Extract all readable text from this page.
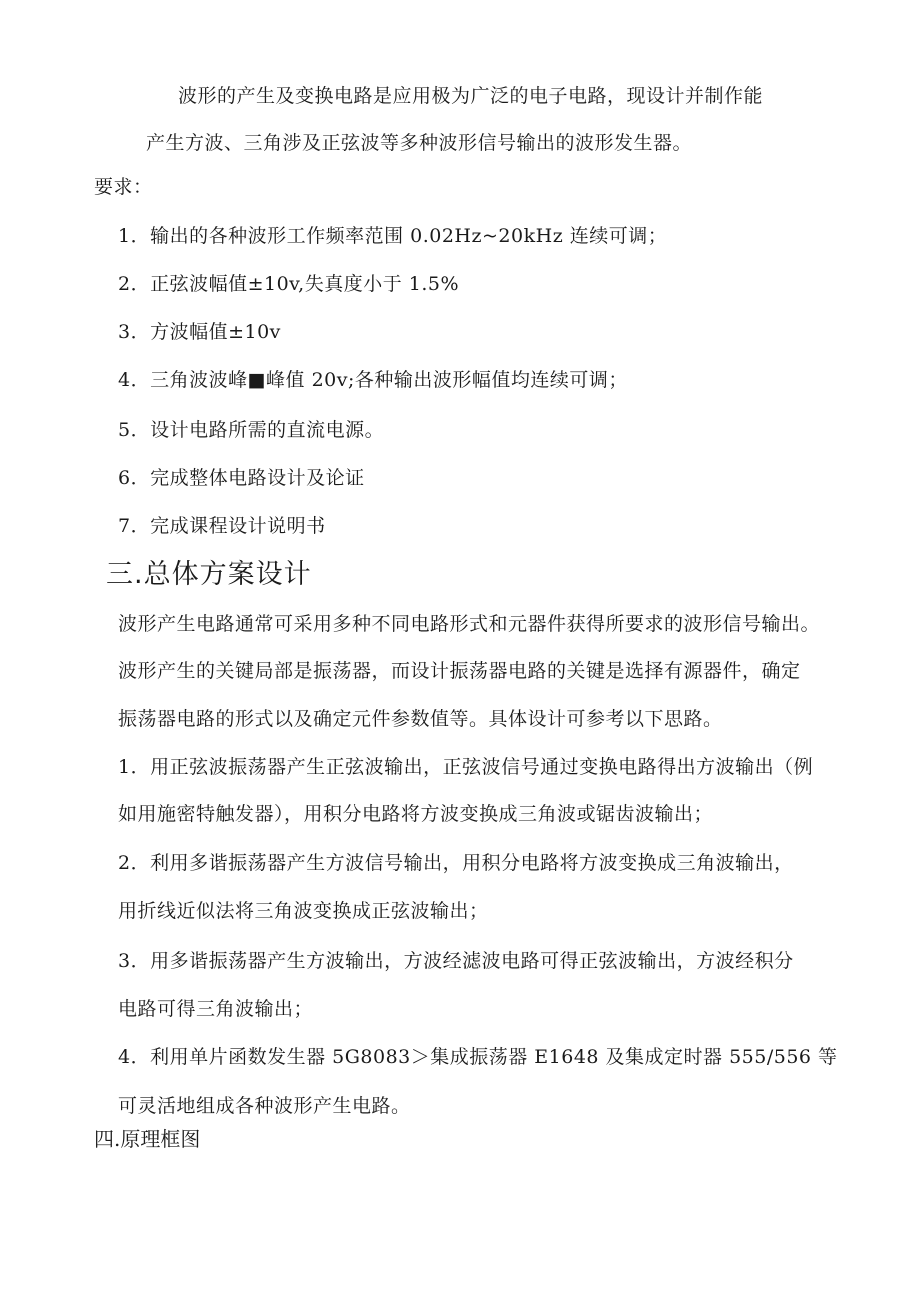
波形的产生及变换电路是应用极为广泛的电子电路，现设计并制作能
产生方波、三角涉及正弦波等多种波形信号输出的波形发生器。
要求：
1．输出的各种波形工作频率范围 0.02Hz~20kHz 连续可调；
2．正弦波幅值±10v,失真度小于 1.5%
3．方波幅值±10v
4．三角波波峰■峰值 20v;各种输出波形幅值均连续可调；
5．设计电路所需的直流电源。
6．完成整体电路设计及论证
7．完成课程设计说明书
三.总体方案设计
波形产生电路通常可采用多种不同电路形式和元器件获得所要求的波形信号输出。
波形产生的关键局部是振荡器，而设计振荡器电路的关键是选择有源器件，确定
振荡器电路的形式以及确定元件参数值等。具体设计可参考以下思路。
1．用正弦波振荡器产生正弦波输出，正弦波信号通过变换电路得出方波输出（例
如用施密特触发器），用积分电路将方波变换成三角波或锯齿波输出；
2．利用多谐振荡器产生方波信号输出，用积分电路将方波变换成三角波输出，
用折线近似法将三角波变换成正弦波输出；
3．用多谐振荡器产生方波输出，方波经滤波电路可得正弦波输出，方波经积分
电路可得三角波输出；
4．利用单片函数发生器 5G8083＞集成振荡器 E1648 及集成定时器 555/556 等
可灵活地组成各种波形产生电路。
四.原理框图
